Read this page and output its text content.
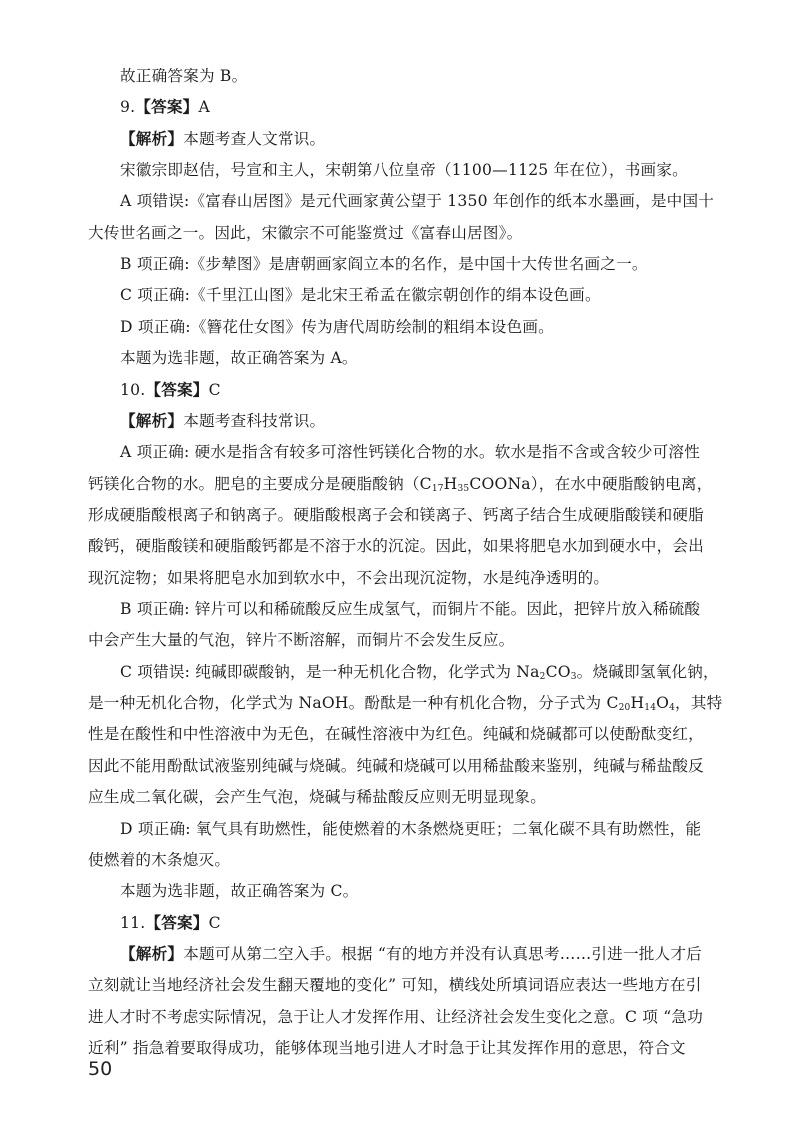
故正确答案为 B。
9.【答案】A
【解析】本题考查人文常识。
宋徽宗即赵佶，号宣和主人，宋朝第八位皇帝（1100—1125 年在位），书画家。
A 项错误:《富春山居图》是元代画家黄公望于 1350 年创作的纸本水墨画，是中国十
大传世名画之一。因此，宋徽宗不可能鉴赏过《富春山居图》。
B 项正确:《步辇图》是唐朝画家阎立本的名作，是中国十大传世名画之一。
C 项正确:《千里江山图》是北宋王希孟在徽宗朝创作的绢本设色画。
D 项正确:《簪花仕女图》传为唐代周昉绘制的粗绢本设色画。
本题为选非题，故正确答案为 A。
10.【答案】C
【解析】本题考查科技常识。
A 项正确: 硬水是指含有较多可溶性钙镁化合物的水。软水是指不含或含较少可溶性
钙镁化合物的水。肥皂的主要成分是硬脂酸钠$(C_{17}H_{35}COONa)$，在水中硬脂酸钠电离，
形成硬脂酸根离子和钠离子。硬脂酸根离子会和镁离子、钙离子结合生成硬脂酸镁和硬脂
酸钙，硬脂酸镁和硬脂酸钙都是不溶于水的沉淀。因此，如果将肥皂水加到硬水中，会出
现沉淀物；如果将肥皂水加到软水中，不会出现沉淀物，水是纯净透明的。
B 项正确: 锌片可以和稀硫酸反应生成氢气，而铜片不能。因此，把锌片放入稀硫酸
中会产生大量的气泡，锌片不断溶解，而铜片不会发生反应。
C 项错误: 纯碱即碳酸钠，是一种无机化合物，化学式为 $Na_2CO_3$。烧碱即氢氧化钠，
是一种无机化合物，化学式为 NaOH。酚酞是一种有机化合物，分子式为 $C_{20}H_{14}O_4$，其特
性是在酸性和中性溶液中为无色，在碱性溶液中为红色。纯碱和烧碱都可以使酚酞变红，
因此不能用酚酞试液鉴别纯碱与烧碱。纯碱和烧碱可以用稀盐酸来鉴别，纯碱与稀盐酸反
应生成二氧化碳，会产生气泡，烧碱与稀盐酸反应则无明显现象。
D 项正确: 氧气具有助燃性，能使燃着的木条燃烧更旺；二氧化碳不具有助燃性，能
使燃着的木条熄灭。
本题为选非题，故正确答案为 C。
11.【答案】C
【解析】本题可从第二空入手。根据 “有的地方并没有认真思考……引进一批人才后
50
立刻就让当地经济社会发生翻天覆地的变化” 可知，横线处所填词语应表达一些地方在引
进人才时不考虑实际情况，急于让人才发挥作用、让经济社会发生变化之意。C 项 “急功
近利” 指急着要取得成功，能够体现当地引进人才时急于让其发挥作用的意思，符合文
